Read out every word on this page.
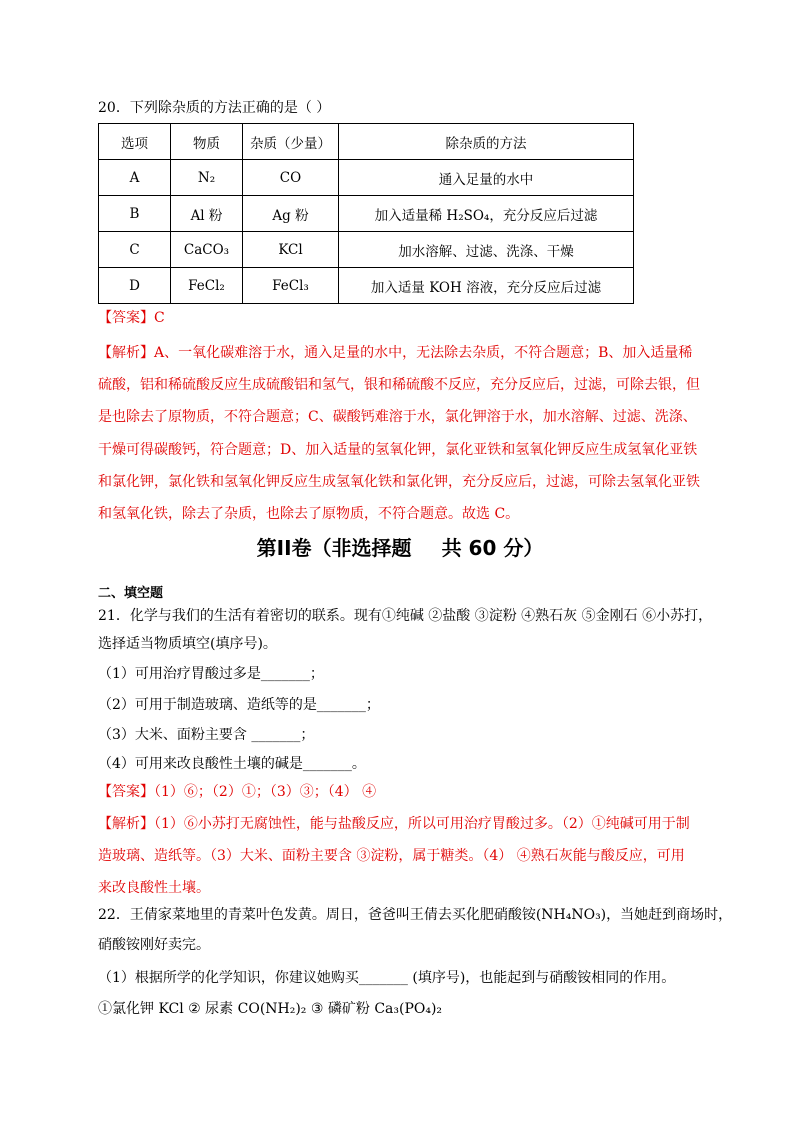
20．下列除杂质的方法正确的是（ ）
选项	物质	杂质（少量）	除杂质的方法
A	N₂	CO	通入足量的水中
B	Al 粉	Ag 粉	加入适量稀 H₂SO₄，充分反应后过滤
C	CaCO₃	KCl	加水溶解、过滤、洗涤、干燥
D	FeCl₂	FeCl₃	加入适量 KOH 溶液，充分反应后过滤
【答案】C

【解析】A、一氧化碳难溶于水，通入足量的水中，无法除去杂质，不符合题意；B、加入适量稀

硫酸，铝和稀硫酸反应生成硫酸铝和氢气，银和稀硫酸不反应，充分反应后，过滤，可除去银，但

是也除去了原物质，不符合题意；C、碳酸钙难溶于水，氯化钾溶于水，加水溶解、过滤、洗涤、

干燥可得碳酸钙，符合题意；D、加入适量的氢氧化钾，氯化亚铁和氢氧化钾反应生成氢氧化亚铁

和氯化钾，氯化铁和氢氧化钾反应生成氢氧化铁和氯化钾，充分反应后，过滤，可除去氢氧化亚铁

和氢氧化铁，除去了杂质，也除去了原物质，不符合题意。故选 C。

第II卷（非选择题 共 60 分）
二、填空题
21．化学与我们的生活有着密切的联系。现有①纯碱 ②盐酸 ③淀粉 ④熟石灰 ⑤金刚石 ⑥小苏打，
选择适当物质填空(填序号)。
（1）可用治疗胃酸过多是_______；
（2）可用于制造玻璃、造纸等的是_______；
（3）大米、面粉主要含 _______；
（4）可用来改良酸性土壤的碱是_______。
【答案】（1）⑥；（2）①；（3）③；（4） ④

【解析】（1）⑥小苏打无腐蚀性，能与盐酸反应，所以可用治疗胃酸过多。（2）①纯碱可用于制

造玻璃、造纸等。（3）大米、面粉主要含 ③淀粉，属于糖类。（4） ④熟石灰能与酸反应，可用

来改良酸性土壤。

22．王倩家菜地里的青菜叶色发黄。周日，爸爸叫王倩去买化肥硝酸铵(NH₄NO₃)，当她赶到商场时，
硝酸铵刚好卖完。
（1）根据所学的化学知识，你建议她购买_______ (填序号)，也能起到与硝酸铵相同的作用。
①氯化钾 KCl ② 尿素 CO(NH₂)₂ ③ 磷矿粉 Ca₃(PO₄)₂
